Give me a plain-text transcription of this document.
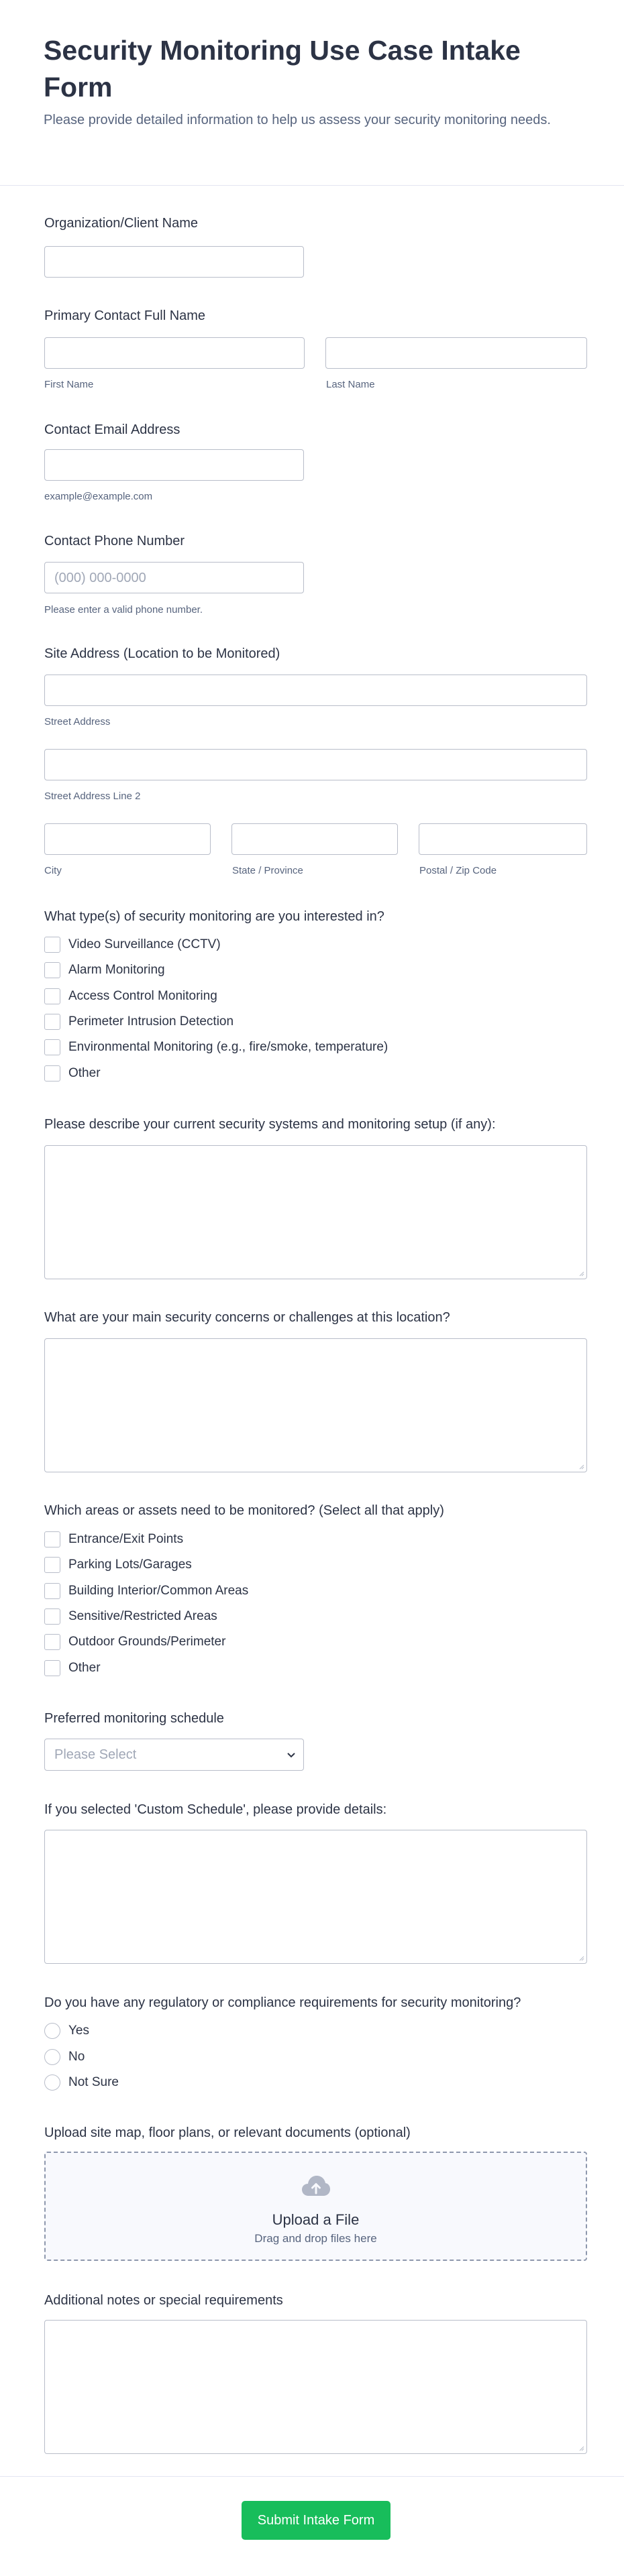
Security Monitoring Use Case Intake Form
Please provide detailed information to help us assess your security monitoring needs.
Organization/Client Name
Primary Contact Full Name
First Name	Last Name
Contact Email Address
example@example.com
Contact Phone Number
(000) 000-0000
Please enter a valid phone number.
Site Address (Location to be Monitored)
Street Address
Street Address Line 2
City	State / Province	Postal / Zip Code
What type(s) of security monitoring are you interested in?
Video Surveillance (CCTV)
Alarm Monitoring
Access Control Monitoring
Perimeter Intrusion Detection
Environmental Monitoring (e.g., fire/smoke, temperature)
Other
Please describe your current security systems and monitoring setup (if any):
What are your main security concerns or challenges at this location?
Which areas or assets need to be monitored? (Select all that apply)
Entrance/Exit Points
Parking Lots/Garages
Building Interior/Common Areas
Sensitive/Restricted Areas
Outdoor Grounds/Perimeter
Other
Preferred monitoring schedule
Please Select
If you selected 'Custom Schedule', please provide details:
Do you have any regulatory or compliance requirements for security monitoring?
Yes
No
Not Sure
Upload site map, floor plans, or relevant documents (optional)
Upload a File
Drag and drop files here
Additional notes or special requirements
Submit Intake Form
